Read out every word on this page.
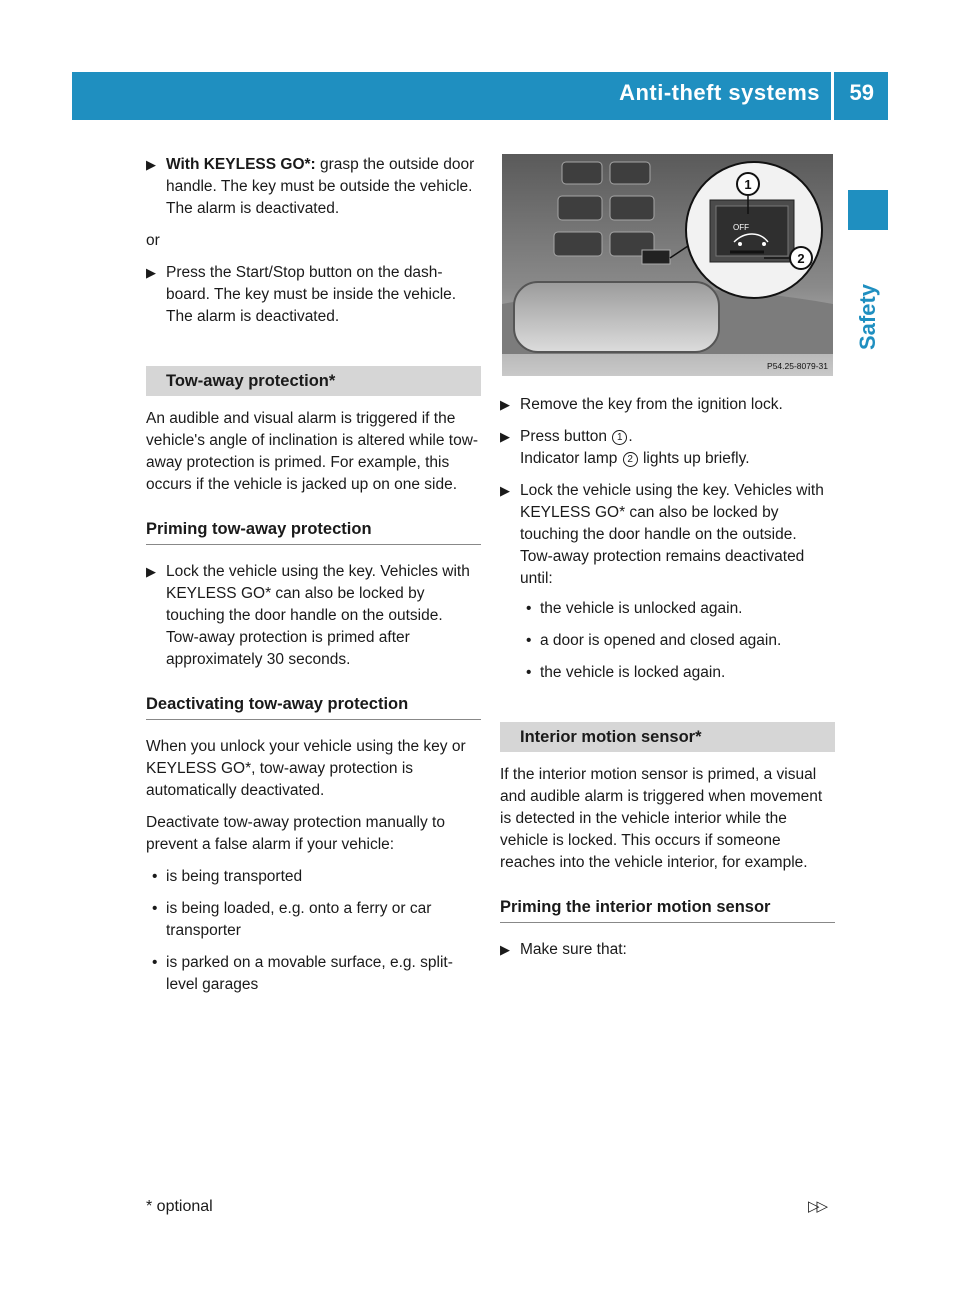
Anti-theft systems 59
Safety
▶ With KEYLESS GO*: grasp the outside door handle. The key must be outside the vehicle.
The alarm is deactivated.
or
▶ Press the Start/Stop button on the dash-board. The key must be inside the vehicle.
The alarm is deactivated.
Tow-away protection*

An audible and visual alarm is triggered if the vehicle's angle of inclination is altered while tow-away protection is primed. For example, this occurs if the vehicle is jacked up on one side.

Priming tow-away protection
▶ Lock the vehicle using the key. Vehicles with KEYLESS GO* can also be locked by touching the door handle on the outside.
Tow-away protection is primed after approximately 30 seconds.
Deactivating tow-away protection

When you unlock your vehicle using the key or KEYLESS GO*, tow-away protection is automatically deactivated.

Deactivate tow-away protection manually to prevent a false alarm if your vehicle:

• is being transported
• is being loaded, e.g. onto a ferry or car transporter
• is parked on a movable surface, e.g. split-level garages
OFF
1
2
P54.25-8079-31
▶ Remove the key from the ignition lock.
▶ Press button 1 .
Indicator lamp 2 lights up briefly.
▶ Lock the vehicle using the key. Vehicles with KEYLESS GO* can also be locked by touching the door handle on the outside.
Tow-away protection remains deactivated until:
• the vehicle is unlocked again.
• a door is opened and closed again.
• the vehicle is locked again.
Interior motion sensor*

If the interior motion sensor is primed, a visual and audible alarm is triggered when movement is detected in the vehicle interior while the vehicle is locked. This occurs if someone reaches into the vehicle interior, for example.

Priming the interior motion sensor
▶ Make sure that:
* optional	▷▷
